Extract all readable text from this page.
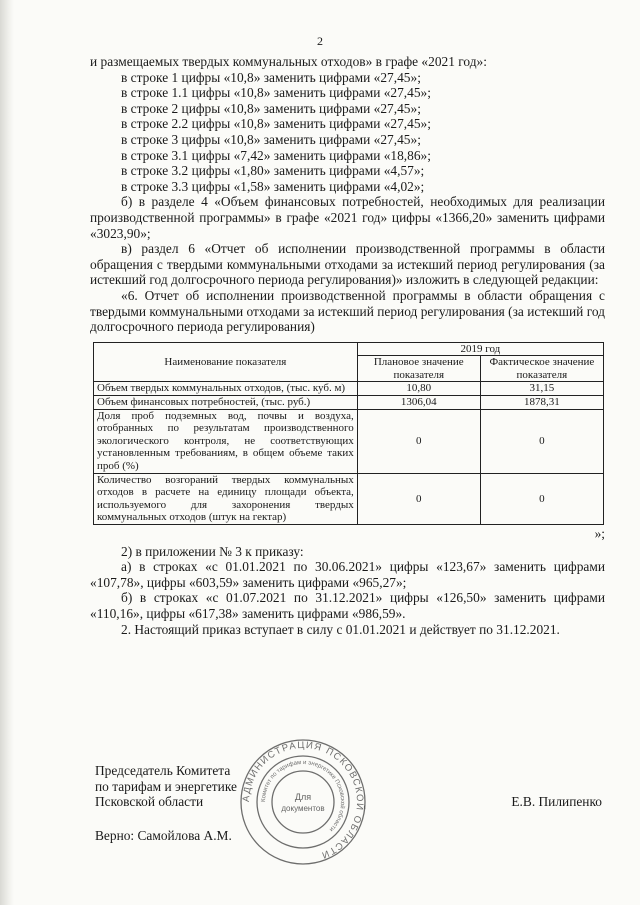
2
и размещаемых твердых коммунальных отходов» в графе «2021 год»:
в строке 1 цифры «10,8» заменить цифрами «27,45»;
в строке 1.1 цифры «10,8» заменить цифрами «27,45»;
в строке 2 цифры «10,8» заменить цифрами «27,45»;
в строке 2.2 цифры «10,8» заменить цифрами «27,45»;
в строке 3 цифры «10,8» заменить цифрами «27,45»;
в строке 3.1 цифры «7,42» заменить цифрами «18,86»;
в строке 3.2 цифры «1,80» заменить цифрами «4,57»;
в строке 3.3 цифры «1,58» заменить цифрами «4,02»;
б) в разделе 4 «Объем финансовых потребностей, необходимых для реализации производственной программы» в графе «2021 год» цифры «1366,20» заменить цифрами «3023,90»;
в) раздел 6 «Отчет об исполнении производственной программы в области обращения с твердыми коммунальными отходами за истекший период регулирования (за истекший год долгосрочного периода регулирования)» изложить в следующей редакции:
«6. Отчет об исполнении производственной программы в области обращения с твердыми коммунальными отходами за истекший период регулирования (за истекший год долгосрочного периода регулирования)
Наименование показателя	2019 год	
	Плановое значение показателя	Фактическое значение показателя
Объем твердых коммунальных отходов, (тыс. куб. м)	10,80	31,15
Объем финансовых потребностей, (тыс. руб.)	1306,04	1878,31
Доля проб подземных вод, почвы и воздуха, отобранных по результатам производственного экологического контроля, не соответствующих установленным требованиям, в общем объеме таких проб (%)	0	0
Количество возгораний твердых коммунальных отходов в расчете на единицу площади объекта, используемого для захоронения твердых коммунальных отходов (штук на гектар)	0	0
»;
2) в приложении № 3 к приказу:
а) в строках «с 01.01.2021 по 30.06.2021» цифры «123,67» заменить цифрами «107,78», цифры «603,59» заменить цифрами «965,27»;
б) в строках «с 01.07.2021 по 31.12.2021» цифры «126,50» заменить цифрами «110,16», цифры «617,38» заменить цифрами «986,59».
2. Настоящий приказ вступает в силу с 01.01.2021 и действует по 31.12.2021.
Председатель Комитета
по тарифам и энергетике
Псковской области	Е.В. Пилипенко
Верно: Самойлова А.М.
АДМИНИСТРАЦИЯ ПСКОВСКОЙ ОБЛАСТИ
Комитет по тарифам и энергетике Псковской области
Для
документов
